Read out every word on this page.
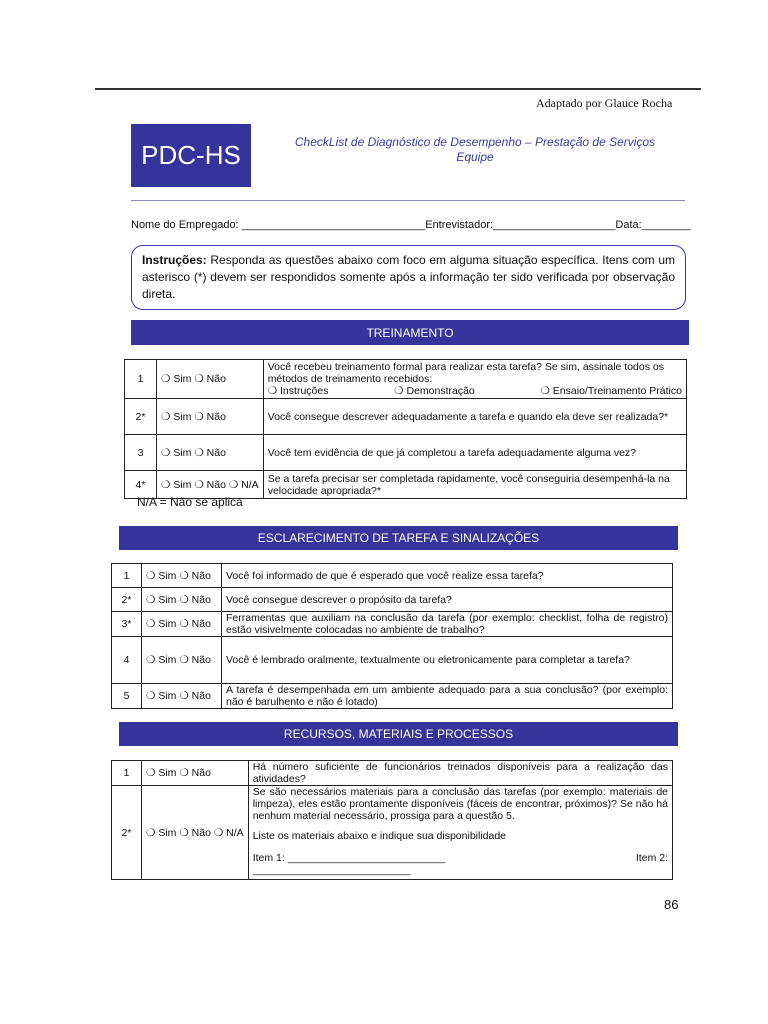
Adaptado por Glauce Rocha
PDC-HS	CheckList de Diagnóstico de Desempenho – Prestação de Serviços
Equipe
Nome do Empregado: ______________________________Entrevistador:____________________Data:________
Instruções: Responda as questões abaixo com foco em alguma situação específica. Itens com um asterisco (*) devem ser respondidos somente após a informação ter sido verificada por observação direta.
TREINAMENTO
1	❍ Sim ❍ Não	Você recebeu treinamento formal para realizar esta tarefa? Se sim, assinale todos os métodos de treinamento recebidos:
❍ Instruções ❍ Demonstração ❍ Ensaio/Treinamento Prático

2*	❍ Sim ❍ Não	Você consegue descrever adequadamente a tarefa e quando ela deve ser realizada?*
3	❍ Sim ❍ Não	Você tem evidência de que já completou a tarefa adequadamente alguma vez?
4*	❍ Sim ❍ Não ❍ N/A	Se a tarefa precisar ser completada rapidamente, você conseguiria desempenhá-la na velocidade apropriada?*
N/A = Não se aplica
ESCLARECIMENTO DE TAREFA E SINALIZAÇÕES
1	❍ Sim ❍ Não	Você foi informado de que é esperado que você realize essa tarefa?
2*	❍ Sim ❍ Não	Você consegue descrever o propósito da tarefa?
3*	❍ Sim ❍ Não	Ferramentas que auxiliam na conclusão da tarefa (por exemplo: checklist, folha de registro) estão visivelmente colocadas no ambiente de trabalho?
4	❍ Sim ❍ Não	Você é lembrado oralmente, textualmente ou eletronicamente para completar a tarefa?
5	❍ Sim ❍ Não	A tarefa é desempenhada em um ambiente adequado para a sua conclusão? (por exemplo: não é barulhento e não é lotado)
RECURSOS, MATERIAIS E PROCESSOS
1	❍ Sim ❍ Não	Há número suficiente de funcionários treinados disponíveis para a realização das atividades?
2*	❍ Sim ❍ Não ❍ N/A	Se são necessários materiais para a conclusão das tarefas (por exemplo: materiais de limpeza), eles estão prontamente disponíveis (fáceis de encontrar, próximos)? Se não há nenhum material necessário, prossiga para a questão 5.
Liste os materiais abaixo e indique sua disponibilidade
Item 1: ___________________________ Item 2:
___________________________
86
